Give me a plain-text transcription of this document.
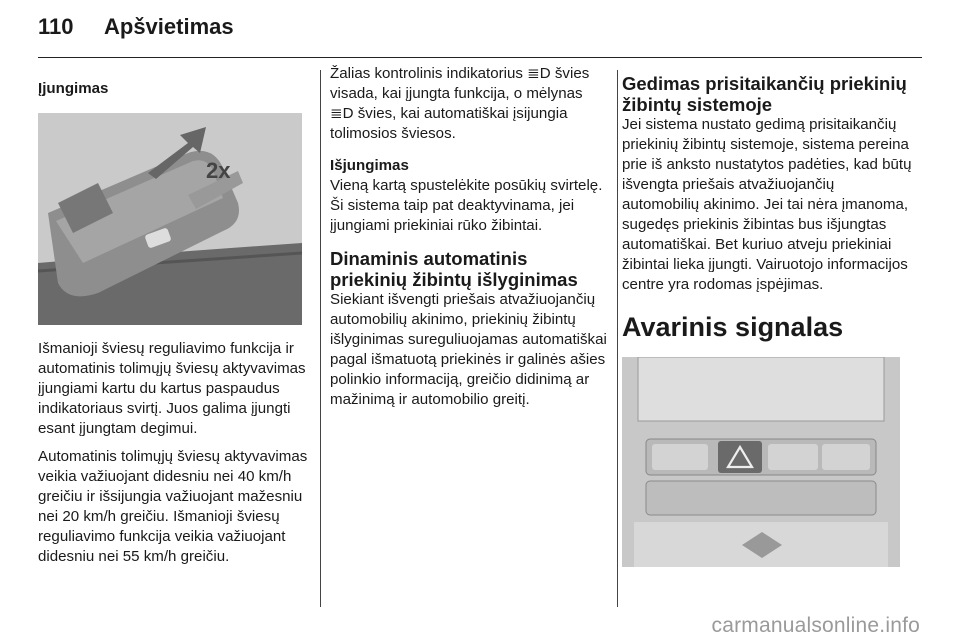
110 Apšvietimas
Įjungimas
2x

Išmanioji šviesų reguliavimo funkcija ir automatinis tolimųjų šviesų aktyvavimas įjungiami kartu du kartus paspaudus indikatoriaus svirtį. Juos galima įjungti esant įjungtam degimui.

Automatinis tolimųjų šviesų aktyvavimas veikia važiuojant didesniu nei 40 km/h greičiu ir išsijungia važiuojant mažesniu nei 20 km/h greičiu. Išmanioji šviesų reguliavimo funkcija veikia važiuojant didesniu nei 55 km/h greičiu.

Žalias kontrolinis indikatorius ≣D švies visada, kai įjungta funkcija, o mėlynas ≣D švies, kai automatiškai įsijungia tolimosios šviesos.

Išjungimas

Vieną kartą spustelėkite posūkių svirtelę. Ši sistema taip pat deaktyvinama, jei įjungiami priekiniai rūko žibintai.

Dinaminis automatinis priekinių žibintų išlyginimas

Siekiant išvengti priešais atvažiuojančių automobilių akinimo, priekinių žibintų išlyginimas sureguliuojamas automatiškai pagal išmatuotą priekinės ir galinės ašies polinkio informaciją, greičio didinimą ar mažinimą ir automobilio greitį.

Gedimas prisitaikančių priekinių žibintų sistemoje

Jei sistema nustato gedimą prisitaikančių priekinių žibintų sistemoje, sistema pereina prie iš anksto nustatytos padėties, kad būtų išvengta priešais atvažiuojančių automobilių akinimo. Jei tai nėra įmanoma, sugedęs priekinis žibintas bus išjungtas automatiškai. Bet kuriuo atveju priekiniai žibintai lieka įjungti. Vairuotojo informacijos centre yra rodomas įspėjimas.

Avarinis signalas
carmanualsonline.info
